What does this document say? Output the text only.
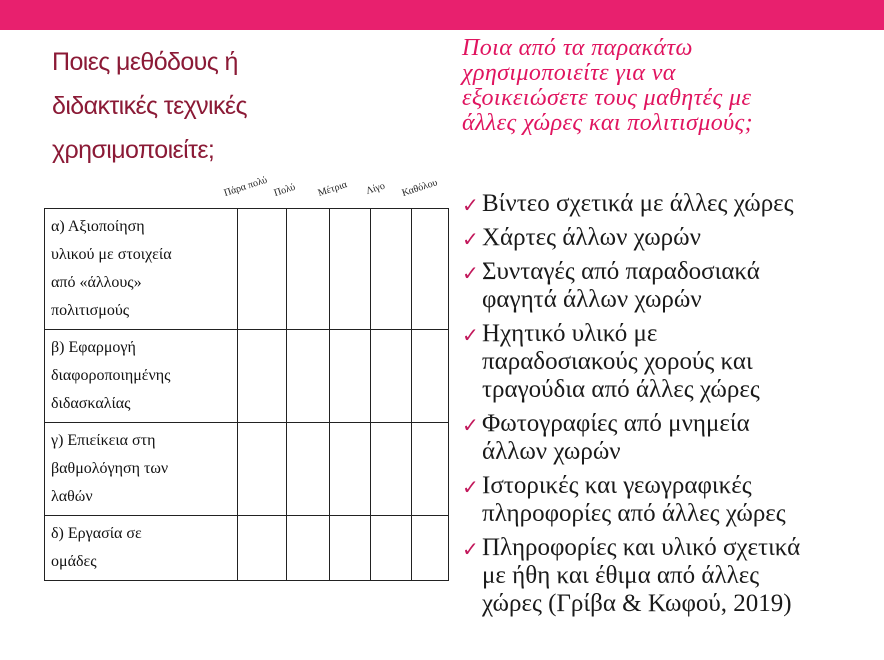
Ποιες μεθόδους ή
διδακτικές τεχνικές
χρησιμοποιείτε;
Ποια από τα παρακάτω
χρησιμοποιείτε για να
εξοικειώσετε τους μαθητές με
άλλες χώρες και πολιτισμούς;
Πάρα πολύ Πολύ Μέτρια Λίγο Καθόλου
α) Αξιοποίηση
υλικού με στοιχεία
από «άλλους»
πολιτισμούς					

β) Εφαρμογή
διαφοροποιημένης
διδασκαλίας					

γ) Επιείκεια στη
βαθμολόγηση των
λαθών					

δ) Εργασία σε
ομάδες					

✓ Βίντεο σχετικά με άλλες χώρες
✓ Χάρτες άλλων χωρών
✓ Συνταγές από παραδοσιακά
φαγητά άλλων χωρών
✓ Ηχητικό υλικό με
παραδοσιακούς χορούς και
τραγούδια από άλλες χώρες
✓ Φωτογραφίες από μνημεία
άλλων χωρών
✓ Ιστορικές και γεωγραφικές
πληροφορίες από άλλες χώρες
✓ Πληροφορίες και υλικό σχετικά
με ήθη και έθιμα από άλλες
χώρες (Γρίβα & Κωφού, 2019)
